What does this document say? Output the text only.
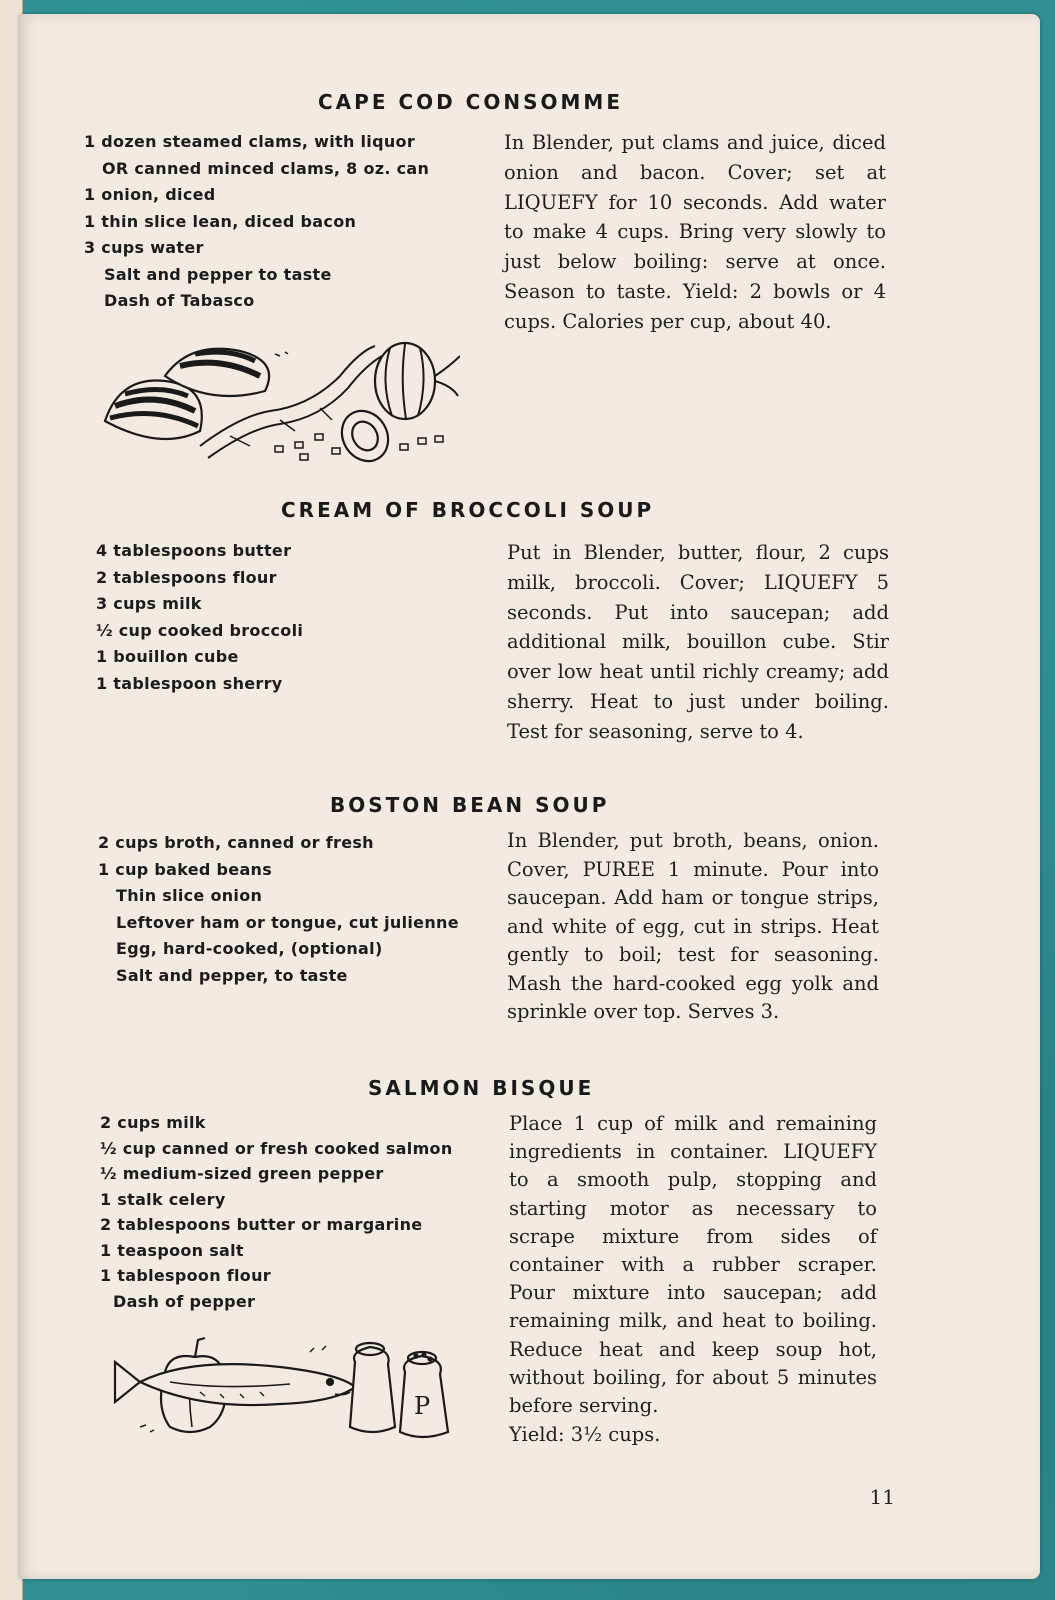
CAPE COD CONSOMME
1 dozen steamed clams, with liquor
OR canned minced clams, 8 oz. can
1 onion, diced
1 thin slice lean, diced bacon
3 cups water
Salt and pepper to taste
Dash of Tabasco

In Blender, put clams and juice, diced onion and bacon. Cover; set at LIQUEFY for 10 seconds. Add water to make 4 cups. Bring very slowly to just below boiling: serve at once. Season to taste. Yield: 2 bowls or 4 cups. Calories per cup, about 40.

CREAM OF BROCCOLI SOUP
4 tablespoons butter
2 tablespoons flour
3 cups milk
½ cup cooked broccoli
1 bouillon cube
1 tablespoon sherry

Put in Blender, butter, flour, 2 cups milk, broccoli. Cover; LIQUEFY 5 seconds. Put into saucepan; add additional milk, bouillon cube. Stir over low heat until richly creamy; add sherry. Heat to just under boiling. Test for seasoning, serve to 4.

BOSTON BEAN SOUP
2 cups broth, canned or fresh
1 cup baked beans
Thin slice onion
Leftover ham or tongue, cut julienne
Egg, hard-cooked, (optional)
Salt and pepper, to taste

In Blender, put broth, beans, onion. Cover, PUREE 1 minute. Pour into saucepan. Add ham or tongue strips, and white of egg, cut in strips. Heat gently to boil; test for seasoning. Mash the hard-cooked egg yolk and sprinkle over top. Serves 3.

SALMON BISQUE
2 cups milk
½ cup canned or fresh cooked salmon
½ medium-sized green pepper
1 stalk celery
2 tablespoons butter or margarine
1 teaspoon salt
1 tablespoon flour
Dash of pepper

Place 1 cup of milk and remaining ingredients in container. LIQUEFY to a smooth pulp, stopping and starting motor as necessary to scrape mixture from sides of container with a rubber scraper. Pour mixture into saucepan; add remaining milk, and heat to boiling. Reduce heat and keep soup hot, without boiling, for about 5 minutes before serving.

Yield: 3½ cups.

P
11
